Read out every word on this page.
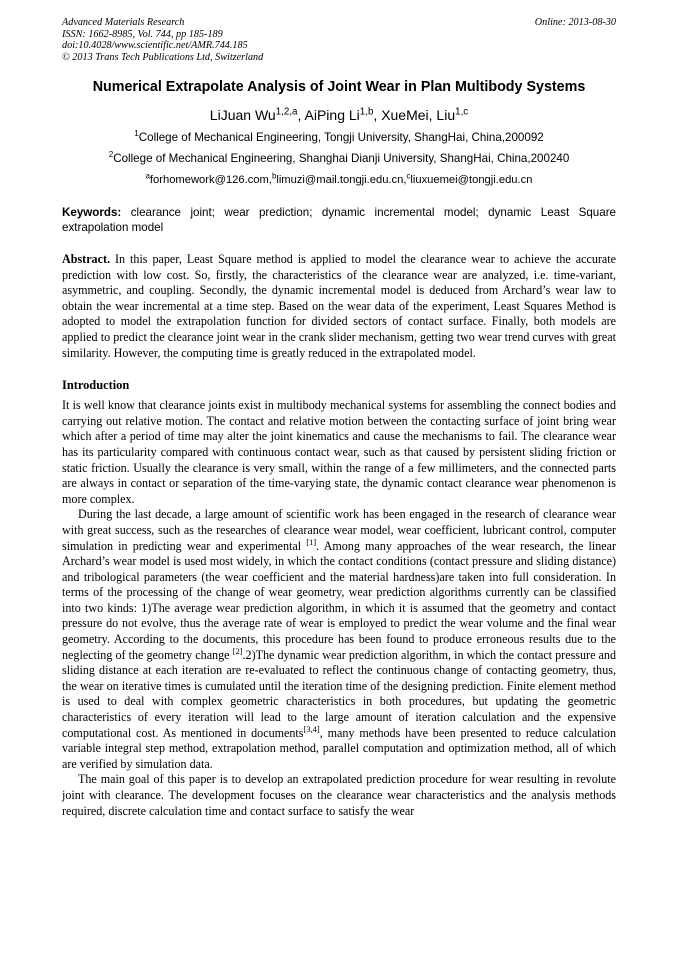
Advanced Materials Research
ISSN: 1662-8985, Vol. 744, pp 185-189
doi:10.4028/www.scientific.net/AMR.744.185
© 2013 Trans Tech Publications Ltd, Switzerland
Online: 2013-08-30
Numerical Extrapolate Analysis of Joint Wear in Plan Multibody Systems
LiJuan Wu$^{1,2,a}$, AiPing Li$^{1,b}$, XueMei, Liu$^{1,c}$
$^1$College of Mechanical Engineering, Tongji University, ShangHai, China,200092
$^2$College of Mechanical Engineering, Shanghai Dianji University, ShangHai, China,200240
$^a$forhomework@126.com,$^b$limuzi@mail.tongji.edu.cn,$^c$liuxuemei@tongji.edu.cn
Keywords: clearance joint; wear prediction; dynamic incremental model; dynamic Least Square extrapolation model
Abstract. In this paper, Least Square method is applied to model the clearance wear to achieve the accurate prediction with low cost. So, firstly, the characteristics of the clearance wear are analyzed, i.e. time-variant, asymmetric, and coupling. Secondly, the dynamic incremental model is deduced from Archard’s wear law to obtain the wear incremental at a time step. Based on the wear data of the experiment, Least Squares Method is adopted to model the extrapolation function for divided sectors of contact surface. Finally, both models are applied to predict the clearance joint wear in the crank slider mechanism, getting two wear trend curves with great similarity. However, the computing time is greatly reduced in the extrapolated model.
Introduction

It is well know that clearance joints exist in multibody mechanical systems for assembling the connect bodies and carrying out relative motion. The contact and relative motion between the contacting surface of joint bring wear which after a period of time may alter the joint kinematics and cause the mechanisms to fail. The clearance wear has its particularity compared with continuous contact wear, such as that caused by persistent sliding friction or static friction. Usually the clearance is very small, within the range of a few millimeters, and the connected parts are always in contact or separation of the time-varying state, the dynamic contact clearance wear phenomenon is more complex.

During the last decade, a large amount of scientific work has been engaged in the research of clearance wear with great success, such as the researches of clearance wear model, wear coefficient, lubricant control, computer simulation in predicting wear and experimental [1]. Among many approaches of the wear research, the linear Archard’s wear model is used most widely, in which the contact conditions (contact pressure and sliding distance) and tribological parameters (the wear coefficient and the material hardness)are taken into full consideration. In terms of the processing of the change of wear geometry, wear prediction algorithms currently can be classified into two kinds: 1)The average wear prediction algorithm, in which it is assumed that the geometry and contact pressure do not evolve, thus the average rate of wear is employed to predict the wear volume and the final wear geometry. According to the documents, this procedure has been found to produce erroneous results due to the neglecting of the geometry change [2].2)The dynamic wear prediction algorithm, in which the contact pressure and sliding distance at each iteration are re-evaluated to reflect the continuous change of contacting geometry, thus, the wear on iterative times is cumulated until the iteration time of the designing prediction. Finite element method is used to deal with complex geometric characteristics in both procedures, but updating the geometric characteristics of every iteration will lead to the large amount of iteration calculation and the expensive computational cost. As mentioned in documents[3,4], many methods have been presented to reduce calculation variable integral step method, extrapolation method, parallel computation and optimization method, all of which are verified by simulation data.

The main goal of this paper is to develop an extrapolated prediction procedure for wear resulting in revolute joint with clearance. The development focuses on the clearance wear characteristics and the analysis methods required, discrete calculation time and contact surface to satisfy the wear
